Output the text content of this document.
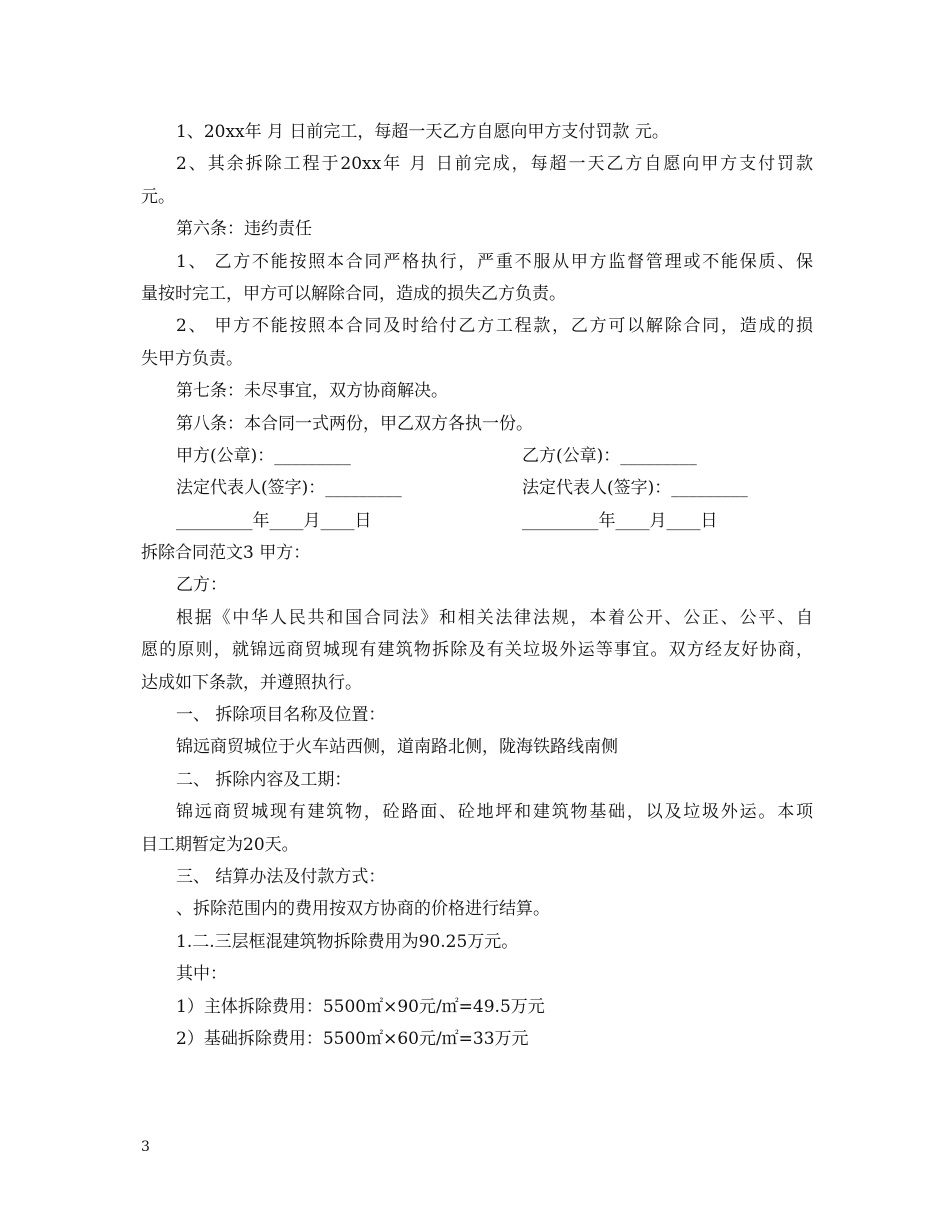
1、20xx年 月 日前完工，每超一天乙方自愿向甲方支付罚款 元。
2、其余拆除工程于20xx年 月 日前完成，每超一天乙方自愿向甲方支付罚款
元。
第六条：违约责任
1、 乙方不能按照本合同严格执行，严重不服从甲方监督管理或不能保质、保
量按时完工，甲方可以解除合同，造成的损失乙方负责。
2、 甲方不能按照本合同及时给付乙方工程款，乙方可以解除合同，造成的损
失甲方负责。
第七条：未尽事宜，双方协商解决。
第八条：本合同一式两份，甲乙双方各执一份。
甲方(公章)：_________	乙方(公章)：_________
法定代表人(签字)：_________	法定代表人(签字)：_________
_________年____月____日	_________年____月____日
拆除合同范文3 甲方：
乙方：
根据《中华人民共和国合同法》和相关法律法规，本着公开、公正、公平、自
愿的原则，就锦远商贸城现有建筑物拆除及有关垃圾外运等事宜。双方经友好协商，
达成如下条款，并遵照执行。
一、 拆除项目名称及位置：
锦远商贸城位于火车站西侧，道南路北侧，陇海铁路线南侧
二、 拆除内容及工期：
锦远商贸城现有建筑物，砼路面、砼地坪和建筑物基础，以及垃圾外运。本项
目工期暂定为20天。
三、 结算办法及付款方式：
、拆除范围内的费用按双方协商的价格进行结算。
1.二.三层框混建筑物拆除费用为90.25万元。
其中：
1）主体拆除费用：5500㎡×90元/㎡=49.5万元
2）基础拆除费用：5500㎡×60元/㎡=33万元
3
